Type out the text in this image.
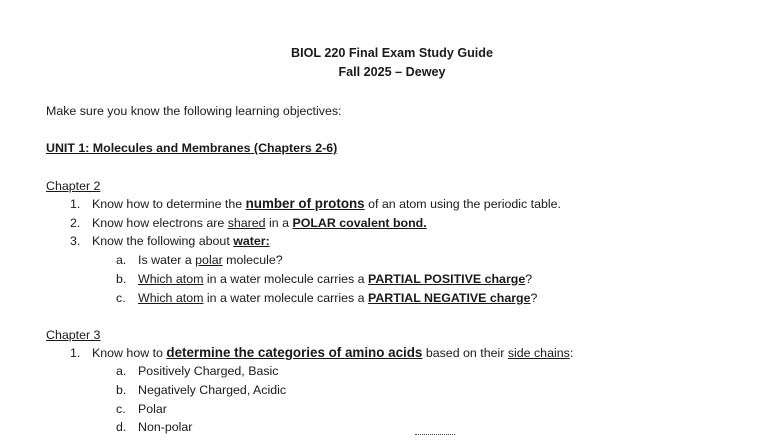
BIOL 220 Final Exam Study Guide
Fall 2025 – Dewey
Make sure you know the following learning objectives:
UNIT 1: Molecules and Membranes (Chapters 2-6)
Chapter 2
1. Know how to determine the number of protons of an atom using the periodic table.
2. Know how electrons are shared in a POLAR covalent bond.
3. Know the following about water:
a. Is water a polar molecule?
b. Which atom in a water molecule carries a PARTIAL POSITIVE charge?
c. Which atom in a water molecule carries a PARTIAL NEGATIVE charge?
Chapter 3
1. Know how to determine the categories of amino acids based on their side chains:
a. Positively Charged, Basic
b. Negatively Charged, Acidic
c. Polar
d. Non-polar
